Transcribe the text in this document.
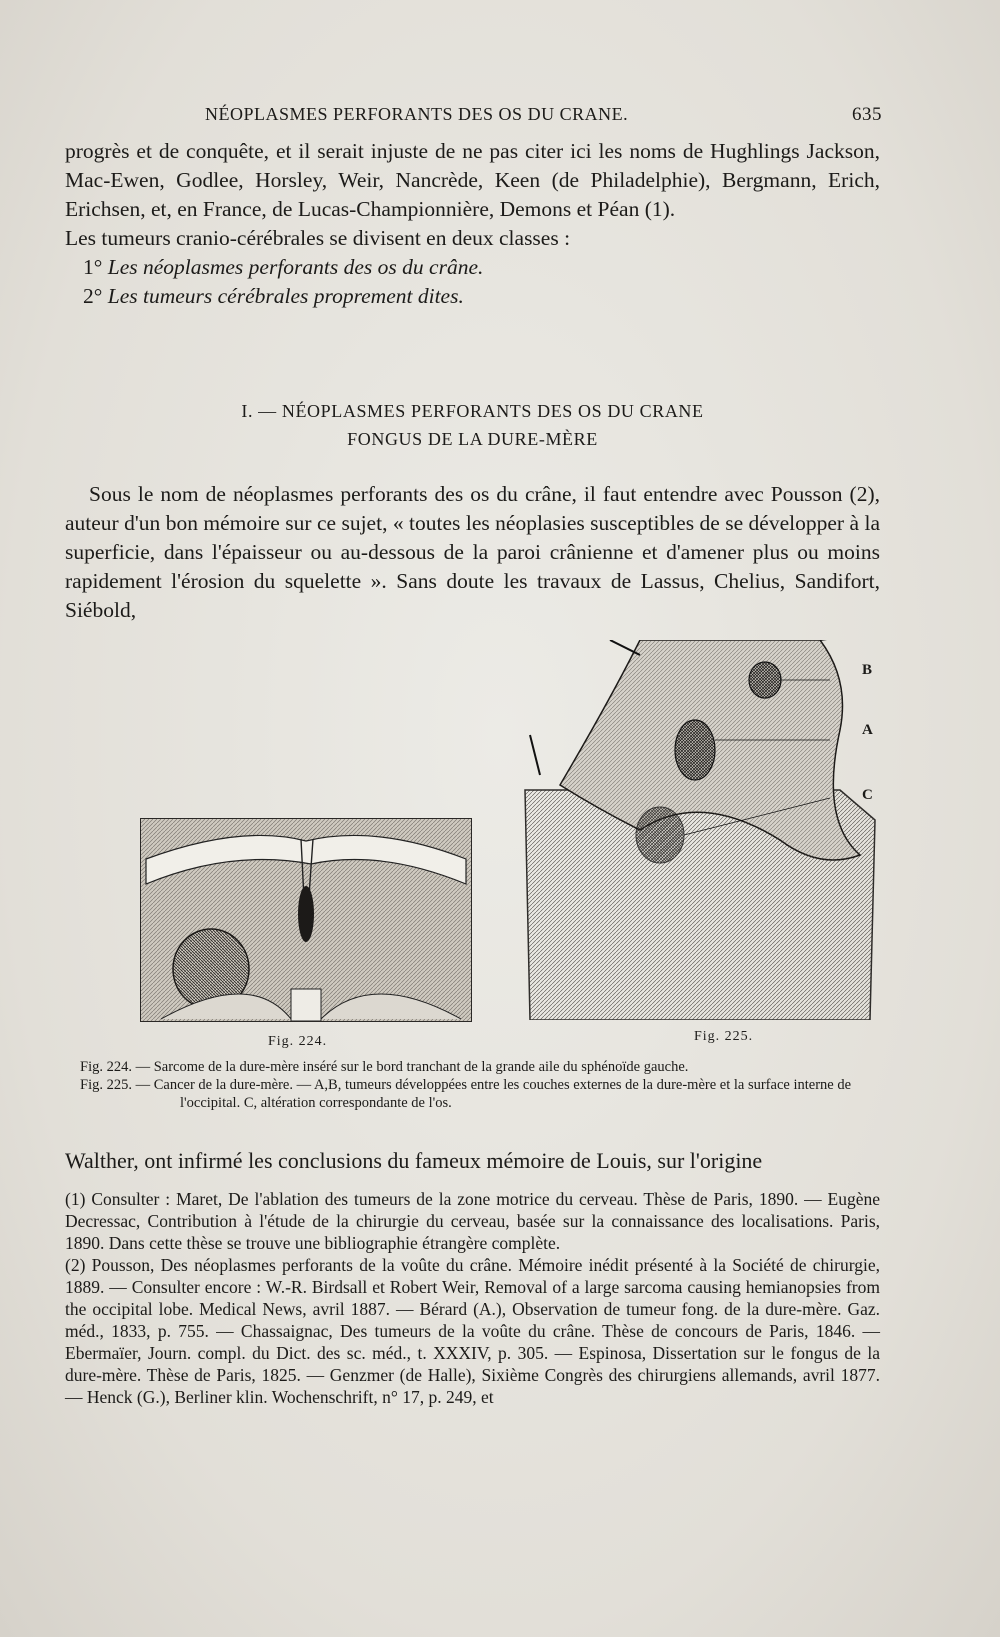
NÉOPLASMES PERFORANTS DES OS DU CRANE.	635

progrès et de conquête, et il serait injuste de ne pas citer ici les noms de Hughlings Jackson, Mac-Ewen, Godlee, Horsley, Weir, Nancrède, Keen (de Philadelphie), Bergmann, Erich, Erichsen, et, en France, de Lucas-Championnière, Demons et Péan (1).

Les tumeurs cranio-cérébrales se divisent en deux classes :

1° Les néoplasmes perforants des os du crâne.

2° Les tumeurs cérébrales proprement dites.

I. — NÉOPLASMES PERFORANTS DES OS DU CRANE
FONGUS DE LA DURE-MÈRE
Sous le nom de néoplasmes perforants des os du crâne, il faut entendre avec Pousson (2), auteur d'un bon mémoire sur ce sujet, « toutes les néoplasies susceptibles de se développer à la superficie, dans l'épaisseur ou au-dessous de la paroi crânienne et d'amener plus ou moins rapidement l'érosion du squelette ». Sans doute les travaux de Lassus, Chelius, Sandifort, Siébold,
Fig. 224.
B
A
C
Fig. 225.

Fig. 224. — Sarcome de la dure-mère inséré sur le bord tranchant de la grande aile du sphénoïde gauche.

Fig. 225. — Cancer de la dure-mère. — A,B, tumeurs développées entre les couches externes de la dure-mère et la surface interne de l'occipital. C, altération correspondante de l'os.

Walther, ont infirmé les conclusions du fameux mémoire de Louis, sur l'origine

(1) Consulter : Maret, De l'ablation des tumeurs de la zone motrice du cerveau. Thèse de Paris, 1890. — Eugène Decressac, Contribution à l'étude de la chirurgie du cerveau, basée sur la connaissance des localisations. Paris, 1890. Dans cette thèse se trouve une bibliographie étrangère complète.

(2) Pousson, Des néoplasmes perforants de la voûte du crâne. Mémoire inédit présenté à la Société de chirurgie, 1889. — Consulter encore : W.-R. Birdsall et Robert Weir, Removal of a large sarcoma causing hemianopsies from the occipital lobe. Medical News, avril 1887. — Bérard (A.), Observation de tumeur fong. de la dure-mère. Gaz. méd., 1833, p. 755. — Chassaignac, Des tumeurs de la voûte du crâne. Thèse de concours de Paris, 1846. — Ebermaïer, Journ. compl. du Dict. des sc. méd., t. XXXIV, p. 305. — Espinosa, Dissertation sur le fongus de la dure-mère. Thèse de Paris, 1825. — Genzmer (de Halle), Sixième Congrès des chirurgiens allemands, avril 1877. — Henck (G.), Berliner klin. Wochenschrift, n° 17, p. 249, et
